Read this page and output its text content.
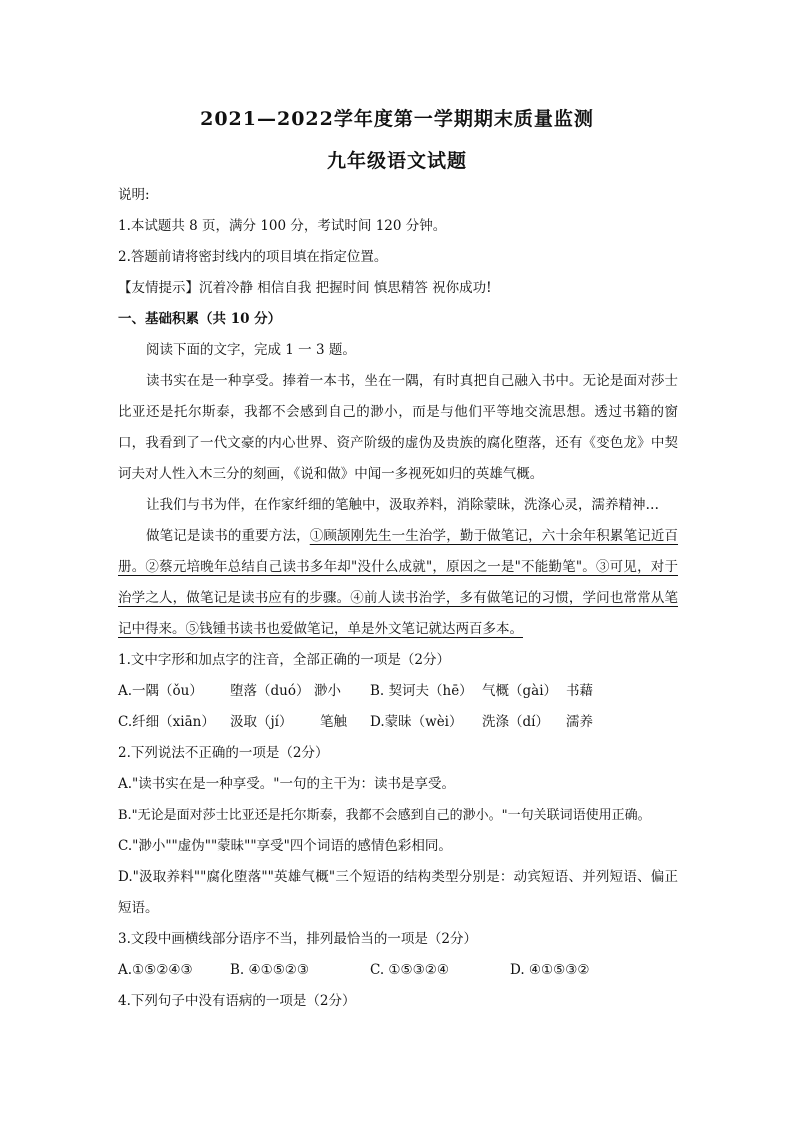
2021—2022学年度第一学期期末质量监测
九年级语文试题

说明:

1.本试题共 8 页，满分 100 分，考试时间 120 分钟。

2.答题前请将密封线内的项目填在指定位置。

【友情提示】沉着冷静 相信自我 把握时间 慎思精答 祝你成功!

一、基础积累（共 10 分）

阅读下面的文字，完成 1 一 3 题。

读书实在是一种享受。捧着一本书，坐在一隅，有时真把自己融入书中。无论是面对莎士比亚还是托尔斯泰，我都不会感到自己的渺小，而是与他们平等地交流思想。透过书籍的窗口，我看到了一代文豪的内心世界、资产阶级的虚伪及贵族的腐化堕落，还有《变色龙》中契诃夫对人性入木三分的刻画，《说和做》中闻一多视死如归的英雄气概。

让我们与书为伴，在作家纤细的笔触中，汲取养料，消除蒙昧，洗涤心灵，濡养精神…

做笔记是读书的重要方法，①顾颉刚先生一生治学，勤于做笔记，六十余年积累笔记近百册。②蔡元培晚年总结自己读书多年却"没什么成就"，原因之一是"不能勤笔"。③可见，对于治学之人，做笔记是读书应有的步骤。④前人读书治学，多有做笔记的习惯，学问也常常从笔记中得来。⑤钱锺书读书也爱做笔记，单是外文笔记就达两百多本。

1.文中字形和加点字的注音，全部正确的一项是（2分）

A.一隅（ǒu）	堕落（duó） 渺小	B. 契诃夫（hē） 气概（gài） 书藉
C.纤细（xiān）	汲取（jí）	笔触	D.蒙昧（wèi）	洗涤（dí）	濡养

2.下列说法不正确的一项是（2分）

A."读书实在是一种享受。"一句的主干为：读书是享受。

B."无论是面对莎士比亚还是托尔斯泰，我都不会感到自己的渺小。"一句关联词语使用正确。

C."渺小""虚伪""蒙昧""享受"四个词语的感情色彩相同。

D."汲取养料""腐化堕落""英雄气概"三个短语的结构类型分别是：动宾短语、并列短语、偏正短语。

3.文段中画横线部分语序不当，排列最恰当的一项是（2分）

A.①⑤②④③	B. ④①⑤②③	C. ①⑤③②④	D. ④①⑤③②

4.下列句子中没有语病的一项是（2分）
